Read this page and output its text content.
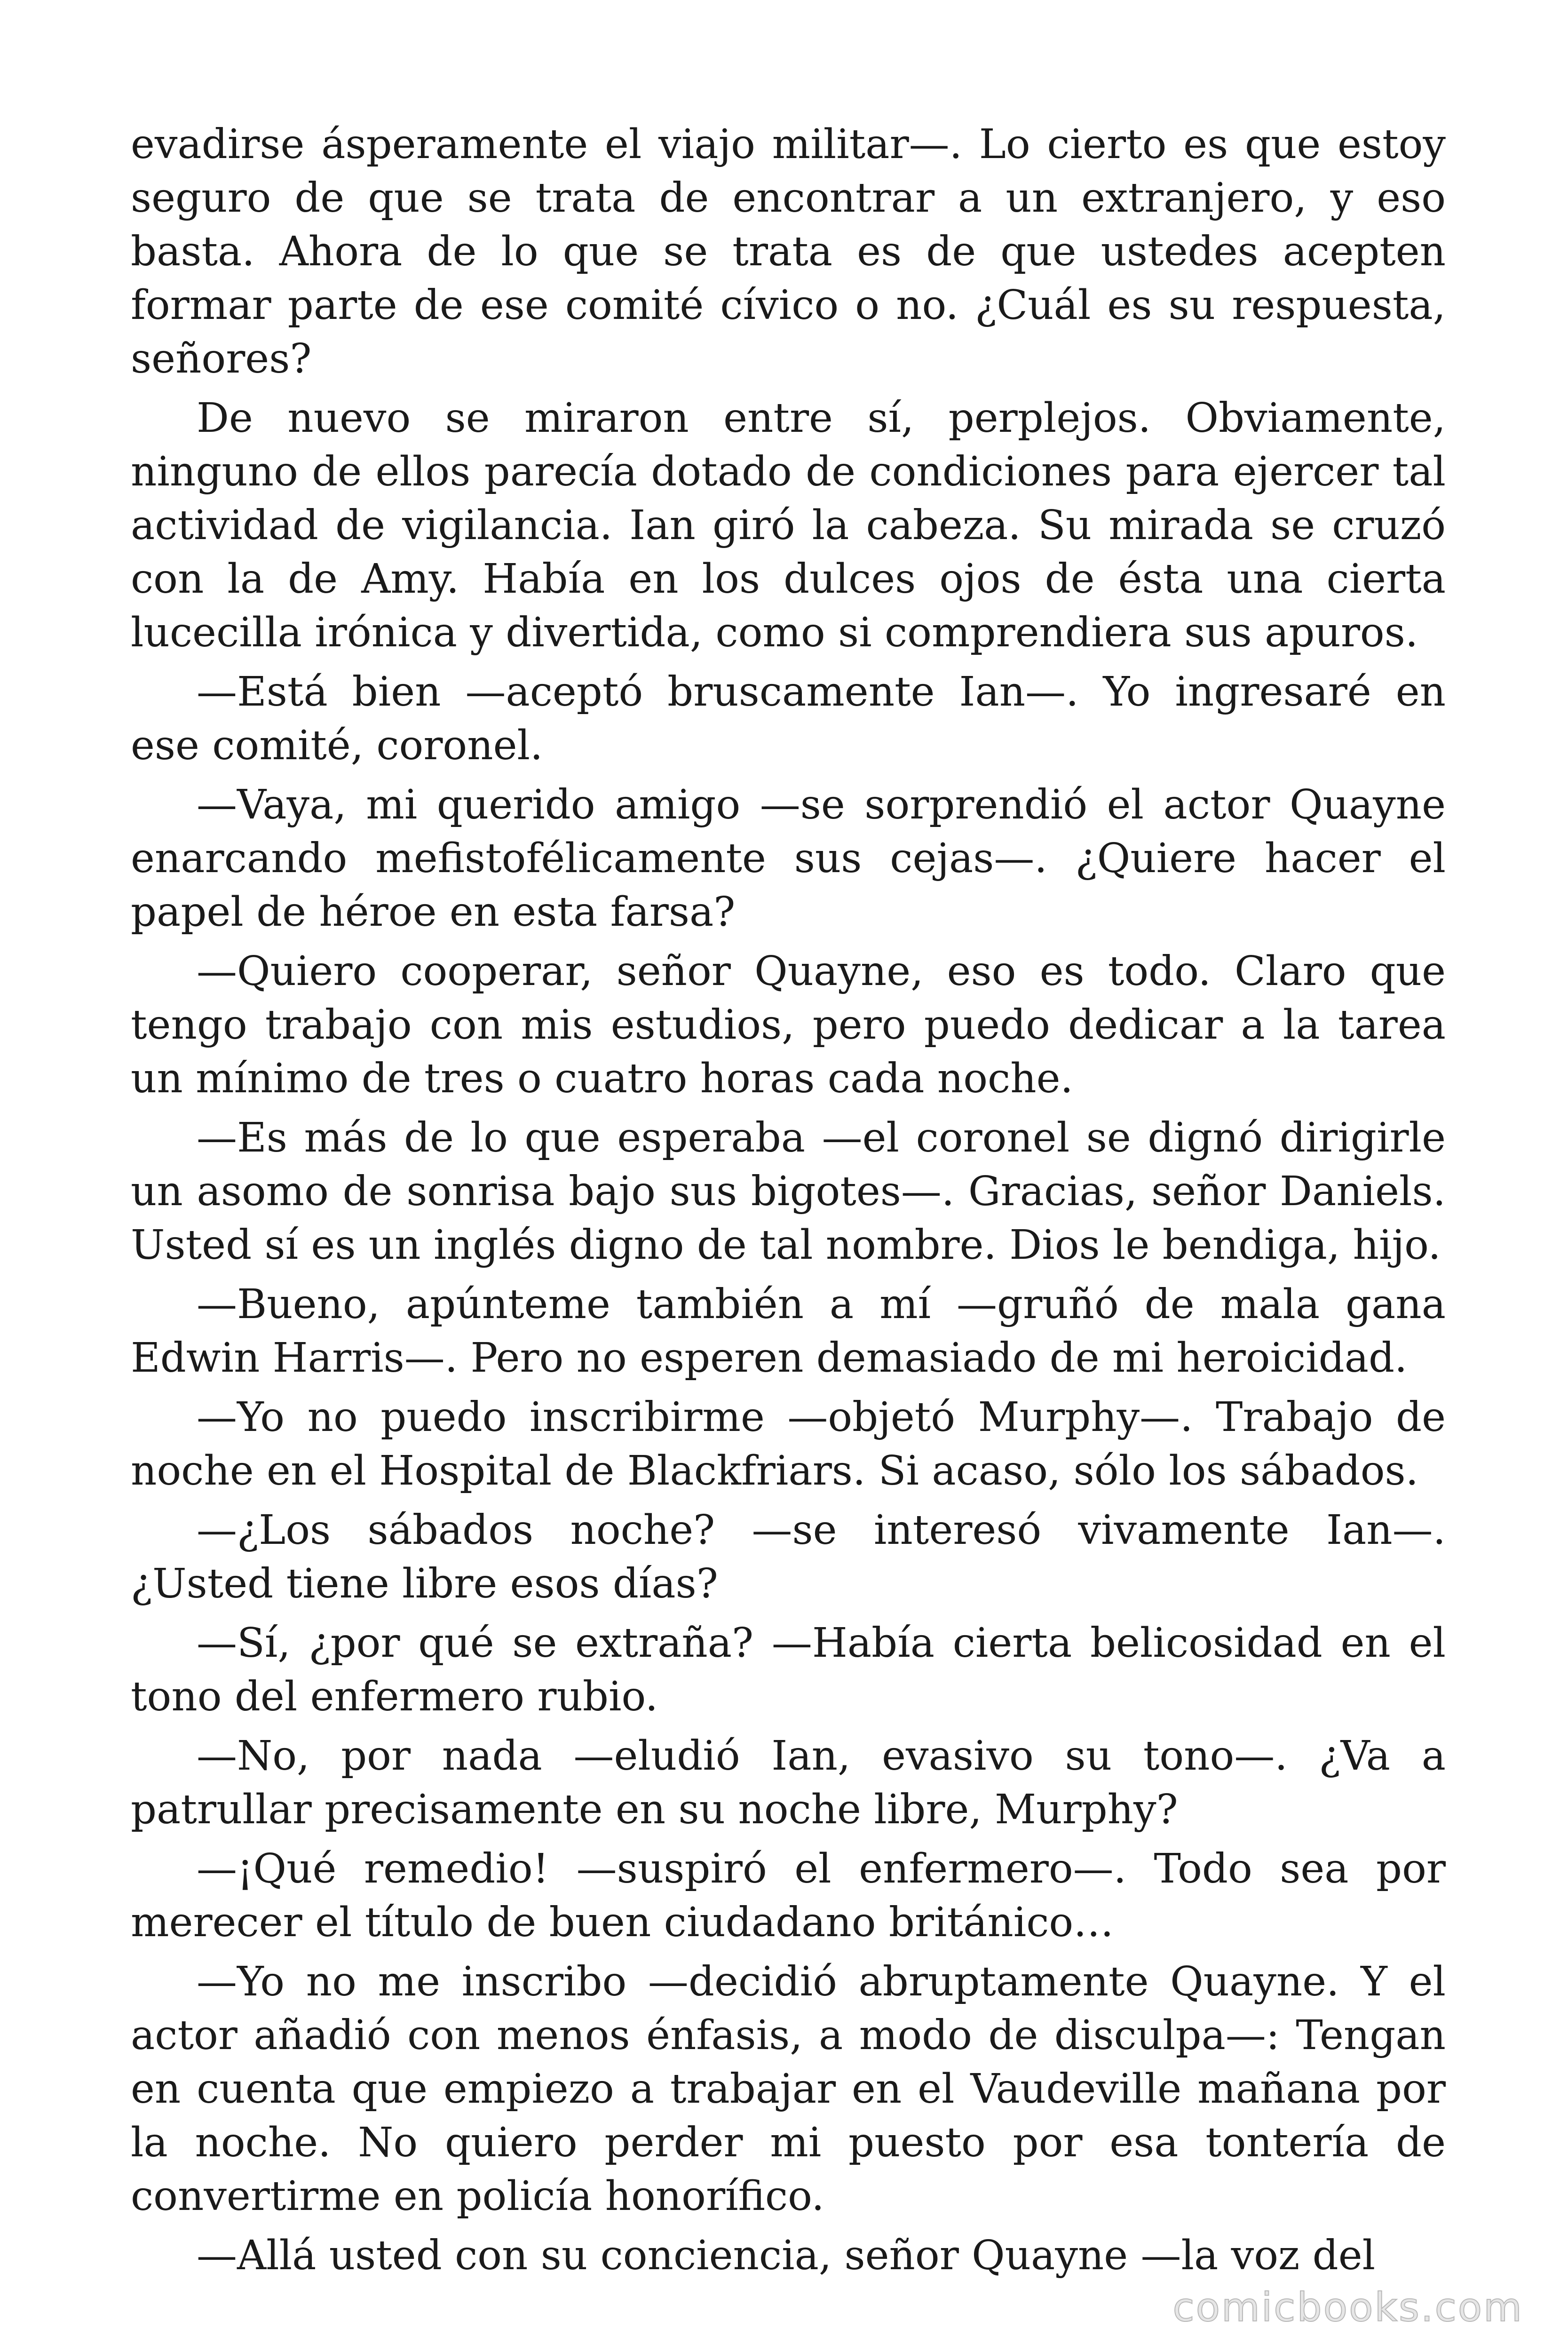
evadirse ásperamente el viajo militar—. Lo cierto es que estoy seguro de que se trata de encontrar a un extranjero, y eso basta. Ahora de lo que se trata es de que ustedes acepten formar parte de ese comité cívico o no. ¿Cuál es su respuesta, señores?

De nuevo se miraron entre sí, perplejos. Obviamente, ninguno de ellos parecía dotado de condiciones para ejercer tal actividad de vigilancia. Ian giró la cabeza. Su mirada se cruzó con la de Amy. Había en los dulces ojos de ésta una cierta lucecilla irónica y divertida, como si comprendiera sus apuros.

—Está bien —aceptó bruscamente Ian—. Yo ingresaré en ese comité, coronel.

—Vaya, mi querido amigo —se sorprendió el actor Quayne enarcando mefistofélicamente sus cejas—. ¿Quiere hacer el papel de héroe en esta farsa?

—Quiero cooperar, señor Quayne, eso es todo. Claro que tengo trabajo con mis estudios, pero puedo dedicar a la tarea un mínimo de tres o cuatro horas cada noche.

—Es más de lo que esperaba —el coronel se dignó dirigirle un asomo de sonrisa bajo sus bigotes—. Gracias, señor Daniels. Usted sí es un inglés digno de tal nombre. Dios le bendiga, hijo.

—Bueno, apúnteme también a mí —gruñó de mala gana Edwin Harris—. Pero no esperen demasiado de mi heroicidad.

—Yo no puedo inscribirme —objetó Murphy—. Trabajo de noche en el Hospital de Blackfriars. Si acaso, sólo los sábados.

—¿Los sábados noche? —se interesó vivamente Ian—. ¿Usted tiene libre esos días?

—Sí, ¿por qué se extraña? —Había cierta belicosidad en el tono del enfermero rubio.

—No, por nada —eludió Ian, evasivo su tono—. ¿Va a patrullar precisamente en su noche libre, Murphy?

—¡Qué remedio! —suspiró el enfermero—. Todo sea por merecer el título de buen ciudadano británico…

—Yo no me inscribo —decidió abruptamente Quayne. Y el actor añadió con menos énfasis, a modo de disculpa—: Tengan en cuenta que empiezo a trabajar en el Vaudeville mañana por la noche. No quiero perder mi puesto por esa tontería de convertirme en policía honorífico.

—Allá usted con su conciencia, señor Quayne —la voz del

comicbooks.com
